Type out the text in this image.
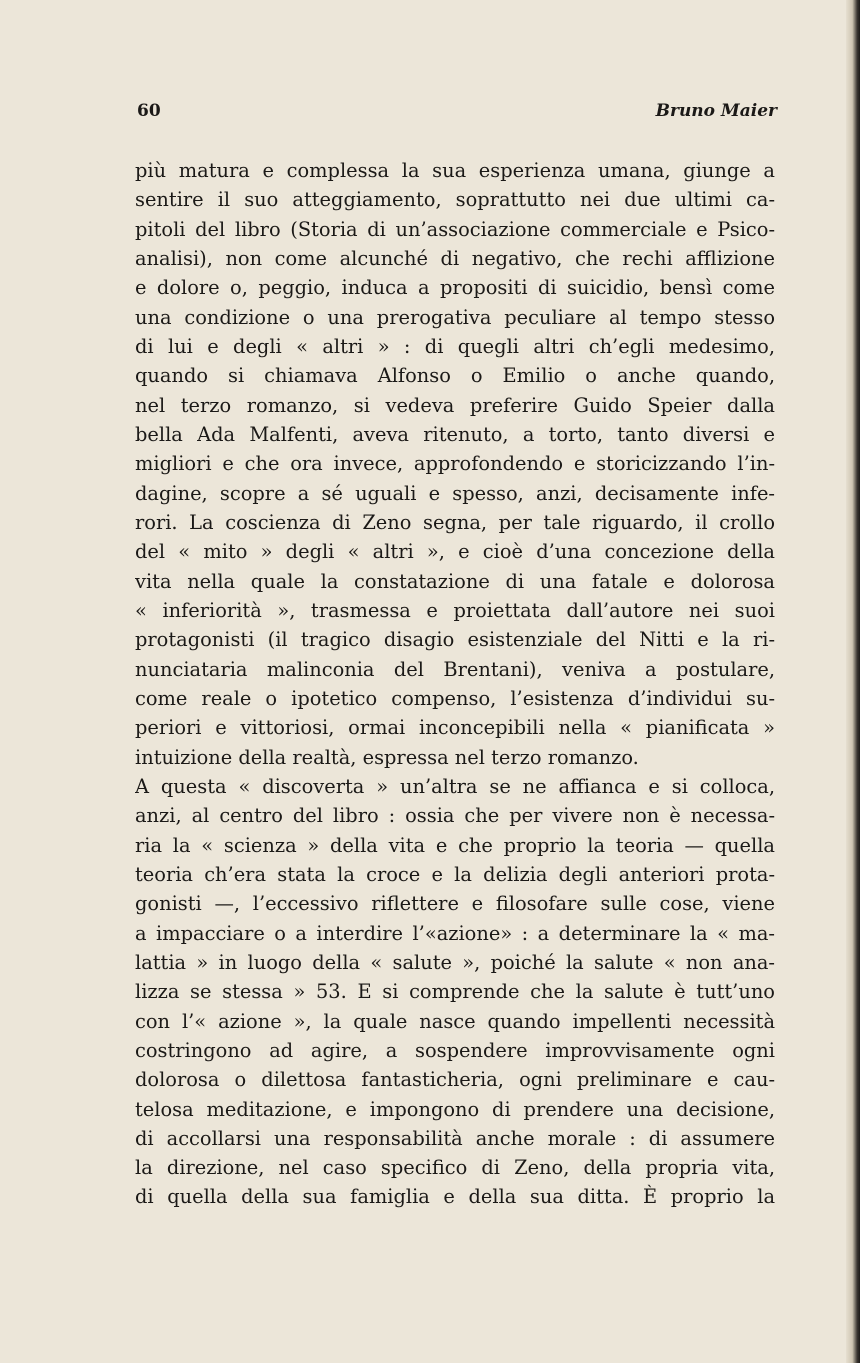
60	Bruno Maier
più matura e complessa la sua esperienza umana, giunge a
sentire il suo atteggiamento, soprattutto nei due ultimi ca-
pitoli del libro (Storia di un’associazione commerciale e Psico-
analisi), non come alcunché di negativo, che rechi afflizione
e dolore o, peggio, induca a propositi di suicidio, bensì come
una condizione o una prerogativa peculiare al tempo stesso
di lui e degli « altri » : di quegli altri ch’egli medesimo,
quando si chiamava Alfonso o Emilio o anche quando,
nel terzo romanzo, si vedeva preferire Guido Speier dalla
bella Ada Malfenti, aveva ritenuto, a torto, tanto diversi e
migliori e che ora invece, approfondendo e storicizzando l’in-
dagine, scopre a sé uguali e spesso, anzi, decisamente infe-
rori. La coscienza di Zeno segna, per tale riguardo, il crollo
del « mito » degli « altri », e cioè d’una concezione della
vita nella quale la constatazione di una fatale e dolorosa
« inferiorità », trasmessa e proiettata dall’autore nei suoi
protagonisti (il tragico disagio esistenziale del Nitti e la ri-
nunciataria malinconia del Brentani), veniva a postulare,
come reale o ipotetico compenso, l’esistenza d’individui su-
periori e vittoriosi, ormai inconcepibili nella « pianificata »
intuizione della realtà, espressa nel terzo romanzo.
A questa « discoverta » un’altra se ne affianca e si colloca,
anzi, al centro del libro : ossia che per vivere non è necessa-
ria la « scienza » della vita e che proprio la teoria — quella
teoria ch’era stata la croce e la delizia degli anteriori prota-
gonisti —, l’eccessivo riflettere e filosofare sulle cose, viene
a impacciare o a interdire l’«azione» : a determinare la « ma-
lattia » in luogo della « salute », poiché la salute « non ana-
lizza se stessa » 53. E si comprende che la salute è tutt’uno
con l’« azione », la quale nasce quando impellenti necessità
costringono ad agire, a sospendere improvvisamente ogni
dolorosa o dilettosa fantasticheria, ogni preliminare e cau-
telosa meditazione, e impongono di prendere una decisione,
di accollarsi una responsabilità anche morale : di assumere
la direzione, nel caso specifico di Zeno, della propria vita,
di quella della sua famiglia e della sua ditta. È proprio la
